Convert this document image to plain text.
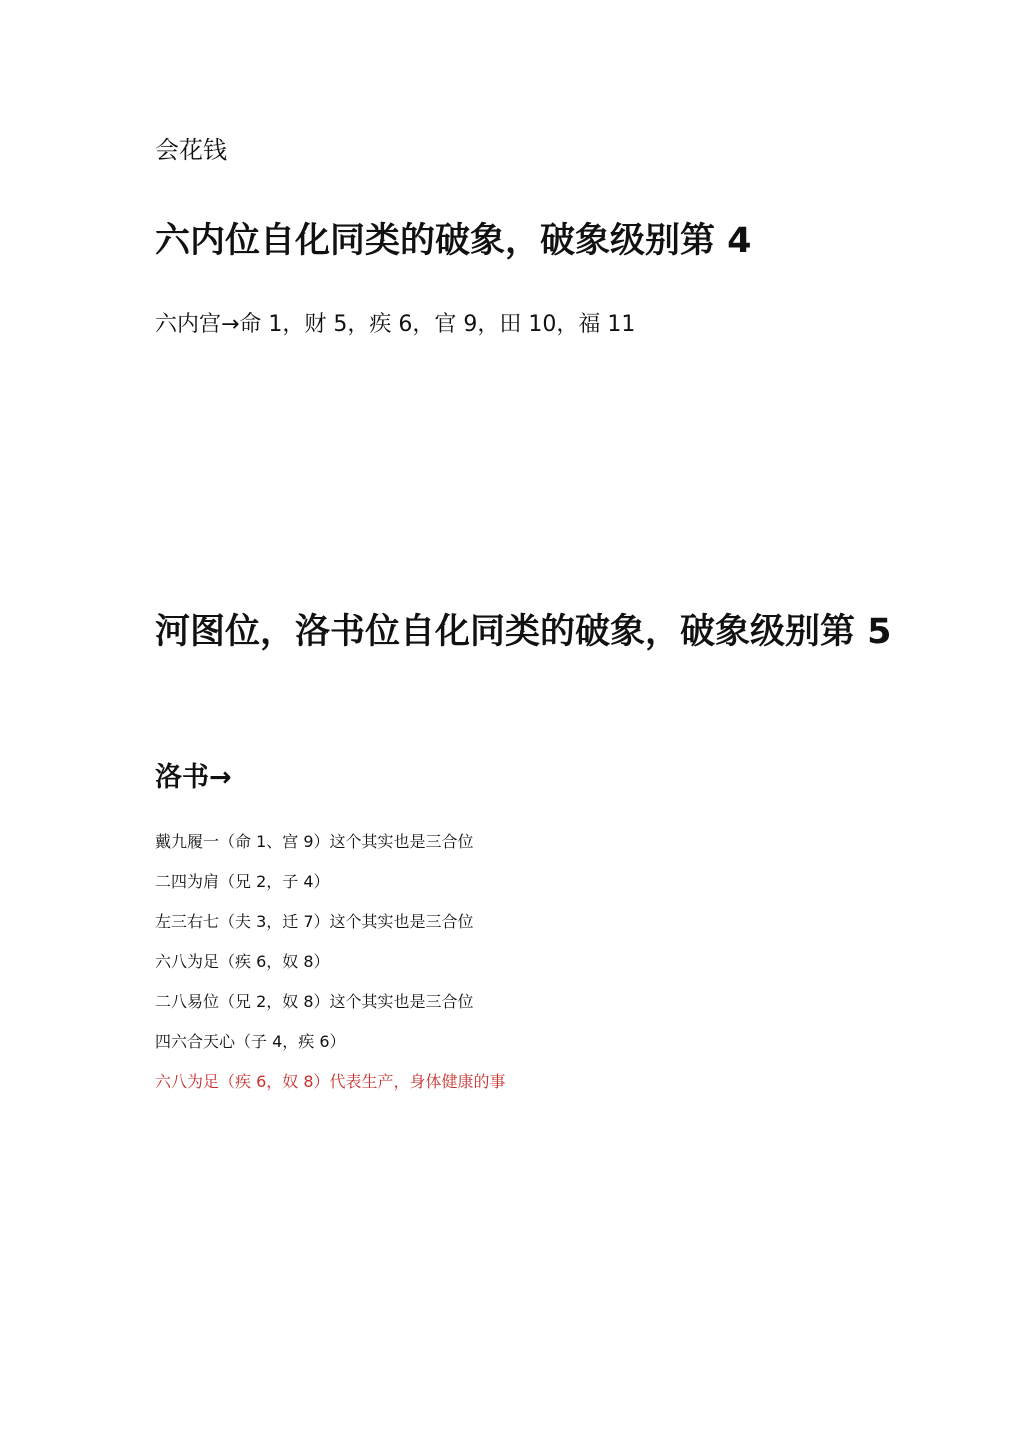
会花钱

六内位自化同类的破象，破象级别第 4

六内宫→命 1，财 5，疾 6，官 9，田 10，福 11

河图位，洛书位自化同类的破象，破象级别第 5
洛书→
戴九履一（命 1、宫 9）这个其实也是三合位
二四为肩（兄 2，子 4）
左三右七（夫 3，迁 7）这个其实也是三合位
六八为足（疾 6，奴 8）
二八易位（兄 2，奴 8）这个其实也是三合位
四六合天心（子 4，疾 6）
六八为足（疾 6，奴 8）代表生产，身体健康的事
